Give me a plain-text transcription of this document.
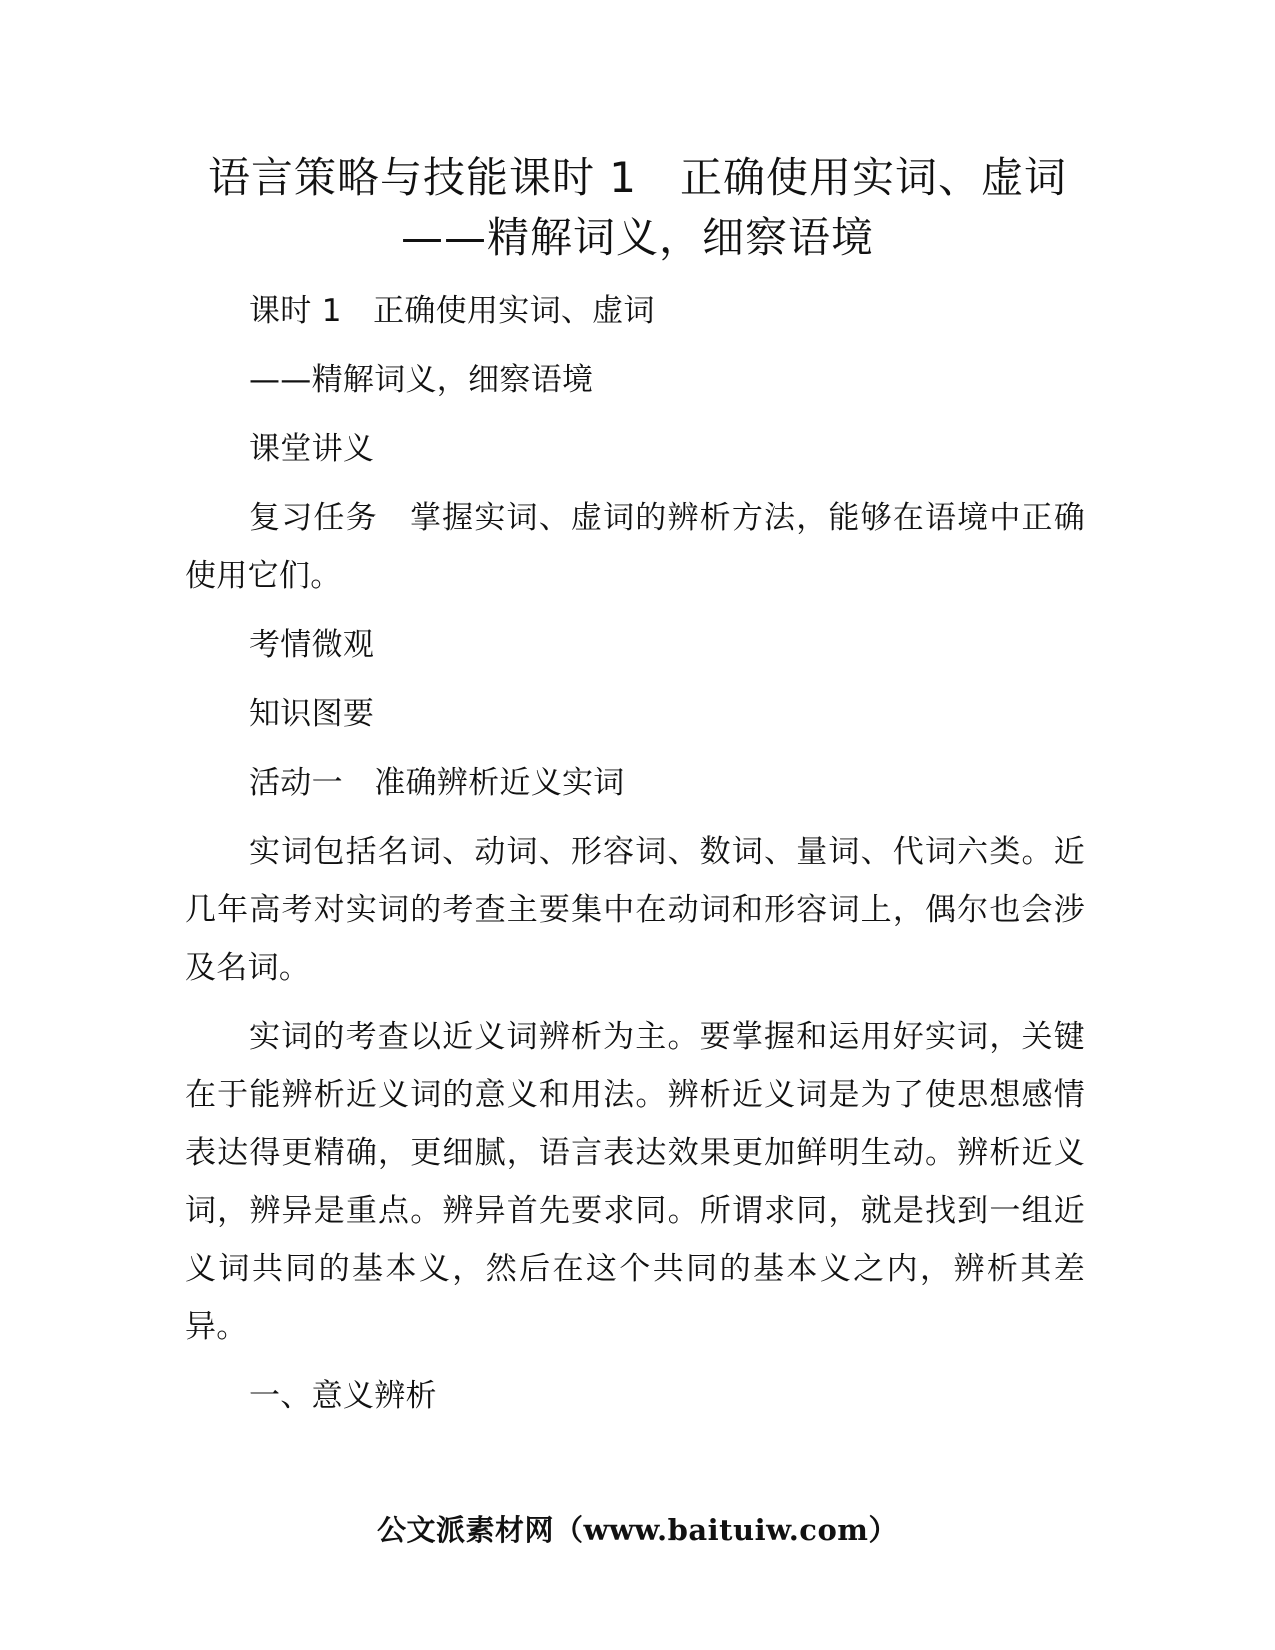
语言策略与技能课时 1　正确使用实词、虚词
——精解词义，细察语境

课时 1　正确使用实词、虚词

——精解词义，细察语境

课堂讲义

复习任务　掌握实词、虚词的辨析方法，能够在语境中正确使用它们。

考情微观

知识图要

活动一　准确辨析近义实词

实词包括名词、动词、形容词、数词、量词、代词六类。近几年高考对实词的考查主要集中在动词和形容词上，偶尔也会涉及名词。

实词的考查以近义词辨析为主。要掌握和运用好实词，关键在于能辨析近义词的意义和用法。辨析近义词是为了使思想感情表达得更精确，更细腻，语言表达效果更加鲜明生动。辨析近义词，辨异是重点。辨异首先要求同。所谓求同，就是找到一组近义词共同的基本义，然后在这个共同的基本义之内，辨析其差异。

一、意义辨析

公文派素材网（www.baituiw.com）
